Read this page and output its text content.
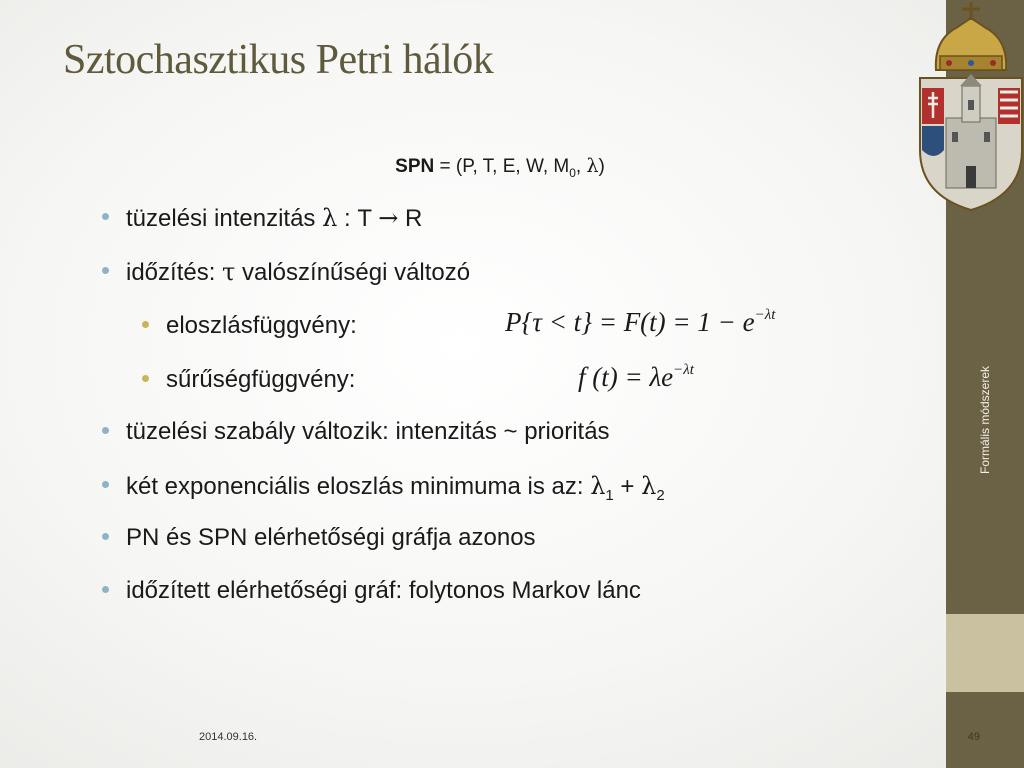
Sztochasztikus Petri hálók
SPN = (P, T, E, W, $M_0$, λ)
tüzelési intenzitás λ : T → R
időzítés: τ valószínűségi változó
eloszlásfüggvény:
sűrűségfüggvény:
tüzelési szabály változik: intenzitás ~ prioritás
két exponenciális eloszlás minimuma is az: $\lambda_1 + \lambda_2$
PN és SPN elérhetőségi gráfja azonos
időzített elérhetőségi gráf: folytonos Markov lánc
$P\{\tau < t\} = F(t) = 1 - e^{-\lambda t}$
f $(t) = \lambda e^{-\lambda t}$
2014.09.16.
Formális módszerek
49
